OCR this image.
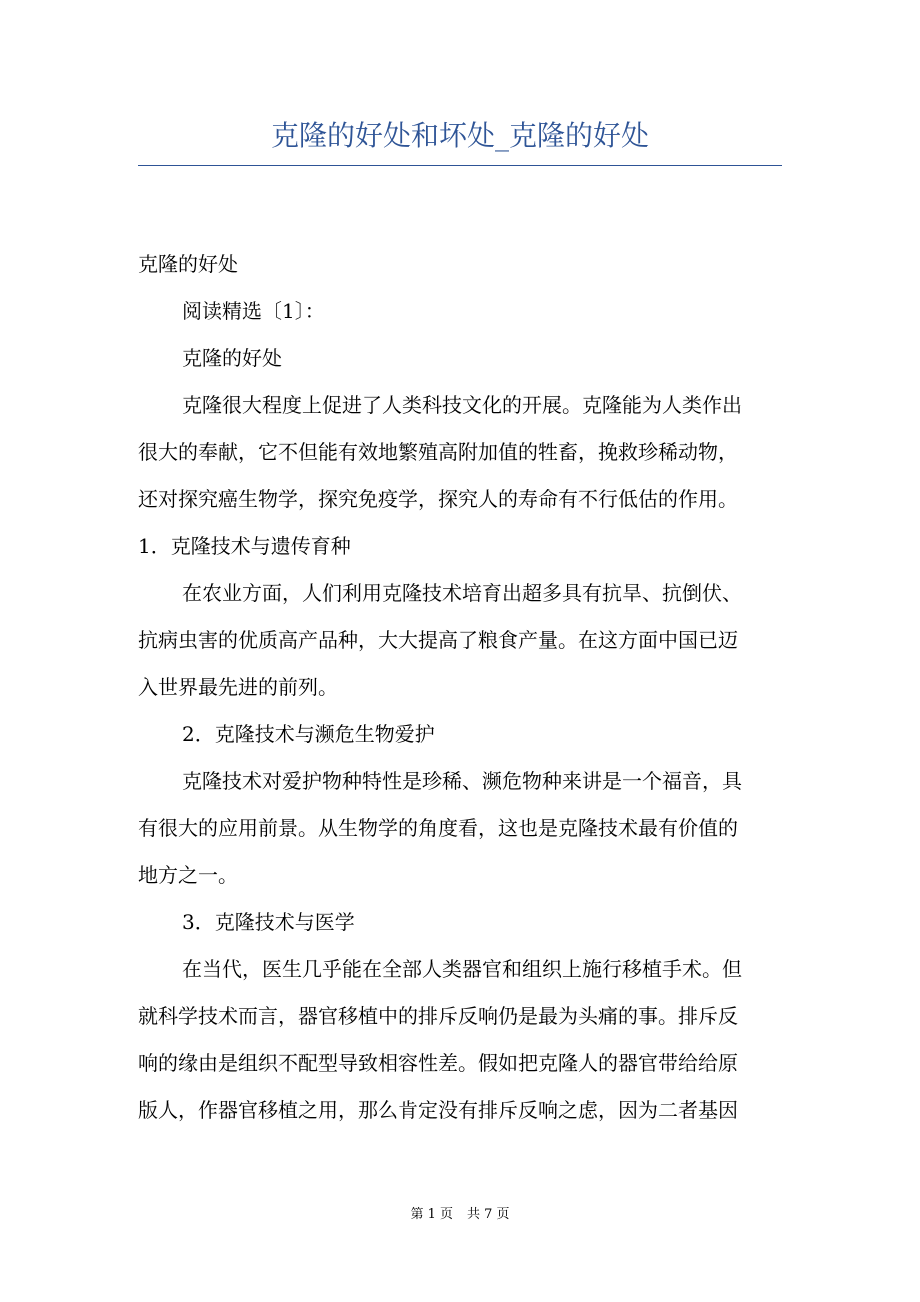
克隆的好处和坏处_克隆的好处

克隆的好处

阅读精选〔1〕：

克隆的好处

克隆很大程度上促进了人类科技文化的开展。克隆能为人类作出

很大的奉献，它不但能有效地繁殖高附加值的牲畜，挽救珍稀动物，

还对探究癌生物学，探究免疫学，探究人的寿命有不行低估的作用。

1．克隆技术与遗传育种

在农业方面，人们利用克隆技术培育出超多具有抗旱、抗倒伏、

抗病虫害的优质高产品种，大大提高了粮食产量。在这方面中国已迈

入世界最先进的前列。

2．克隆技术与濒危生物爱护

克隆技术对爱护物种特性是珍稀、濒危物种来讲是一个福音，具

有很大的应用前景。从生物学的角度看，这也是克隆技术最有价值的

地方之一。

3．克隆技术与医学

在当代，医生几乎能在全部人类器官和组织上施行移植手术。但

就科学技术而言，器官移植中的排斥反响仍是最为头痛的事。排斥反

响的缘由是组织不配型导致相容性差。假如把克隆人的器官带给给原

版人，作器官移植之用，那么肯定没有排斥反响之虑，因为二者基因

第 1 页 共 7 页
